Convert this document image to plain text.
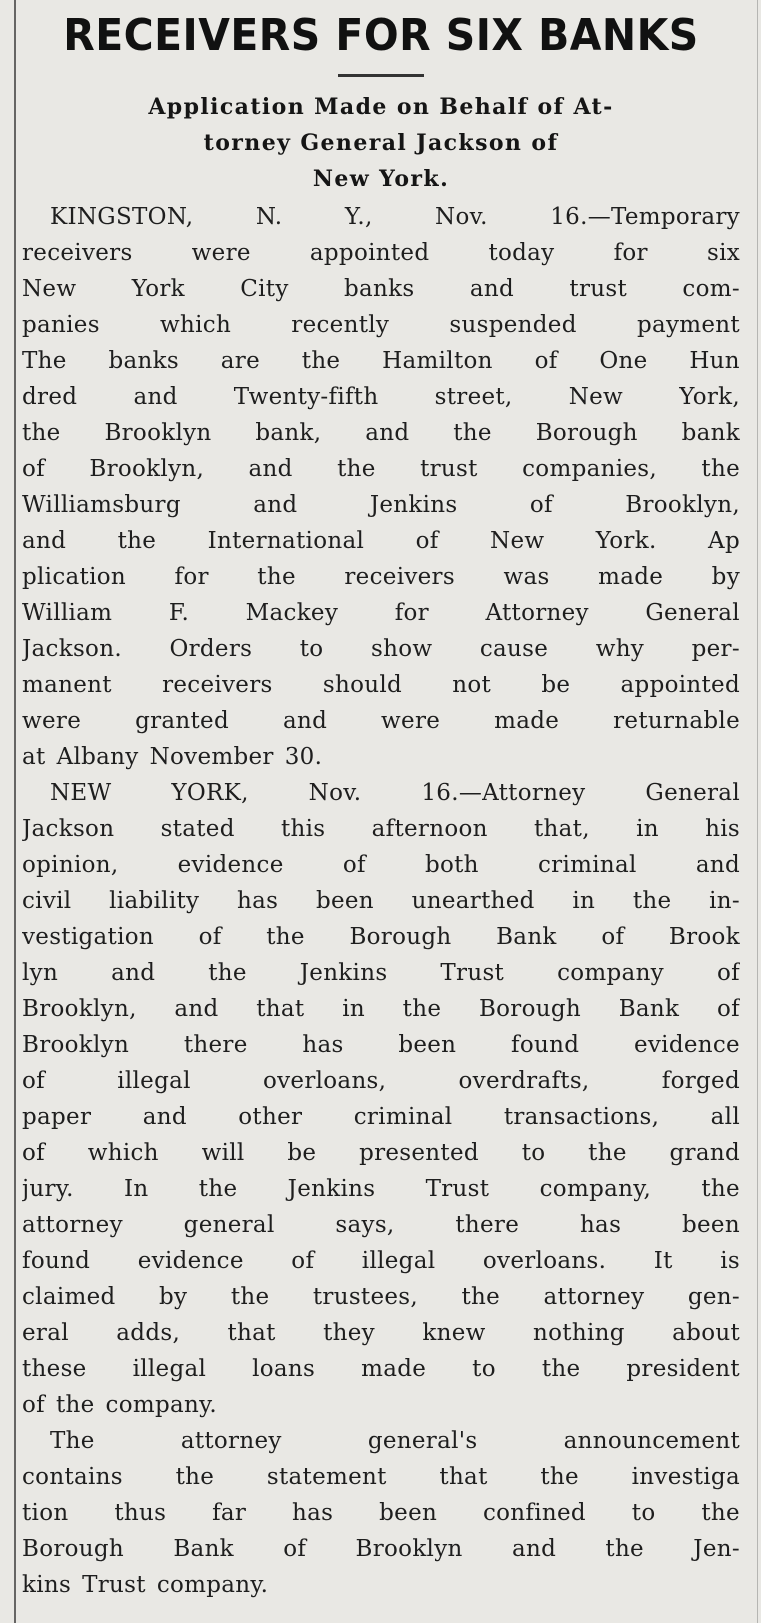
RECEIVERS FOR SIX BANKS
Application Made on Behalf of At-
torney General Jackson of
New York.
KINGSTON,	N.	Y.,	Nov.	16.—Temporary
receivers	were	appointed	today	for	six
New York City banks and trust com-
panies	which	recently	suspended	payment
The banks are the Hamilton of One Hun
dred and Twenty-fifth street, New York,
the Brooklyn bank, and the Borough bank
of Brooklyn, and the trust companies, the
Williamsburg	and	Jenkins	of	Brooklyn,
and the International of New York. Ap
plication for the receivers was made by
William F. Mackey for Attorney General
Jackson. Orders to show cause why per-
manent receivers should not be appointed
were granted and were made returnable
at Albany November 30.
NEW	YORK,	Nov.	16.—Attorney	General
Jackson stated this afternoon that, in his
opinion,	evidence	of	both	criminal	and
civil liability has been unearthed in the in-
vestigation of the Borough Bank of Brook
lyn and the Jenkins Trust company of
Brooklyn, and that in the Borough Bank of
Brooklyn there has been found evidence
of	illegal	overloans,	overdrafts,	forged
paper and other criminal transactions, all
of which will be presented to the grand
jury. In the Jenkins Trust company, the
attorney	general	says,	there	has	been
found evidence of illegal overloans. It is
claimed by the trustees, the attorney gen-
eral adds, that they knew nothing about
these illegal loans made to the president
of the company.
The	attorney	general's	announcement
contains the statement that the investiga
tion thus far has been confined to the
Borough Bank of Brooklyn and the Jen-
kins Trust company.
